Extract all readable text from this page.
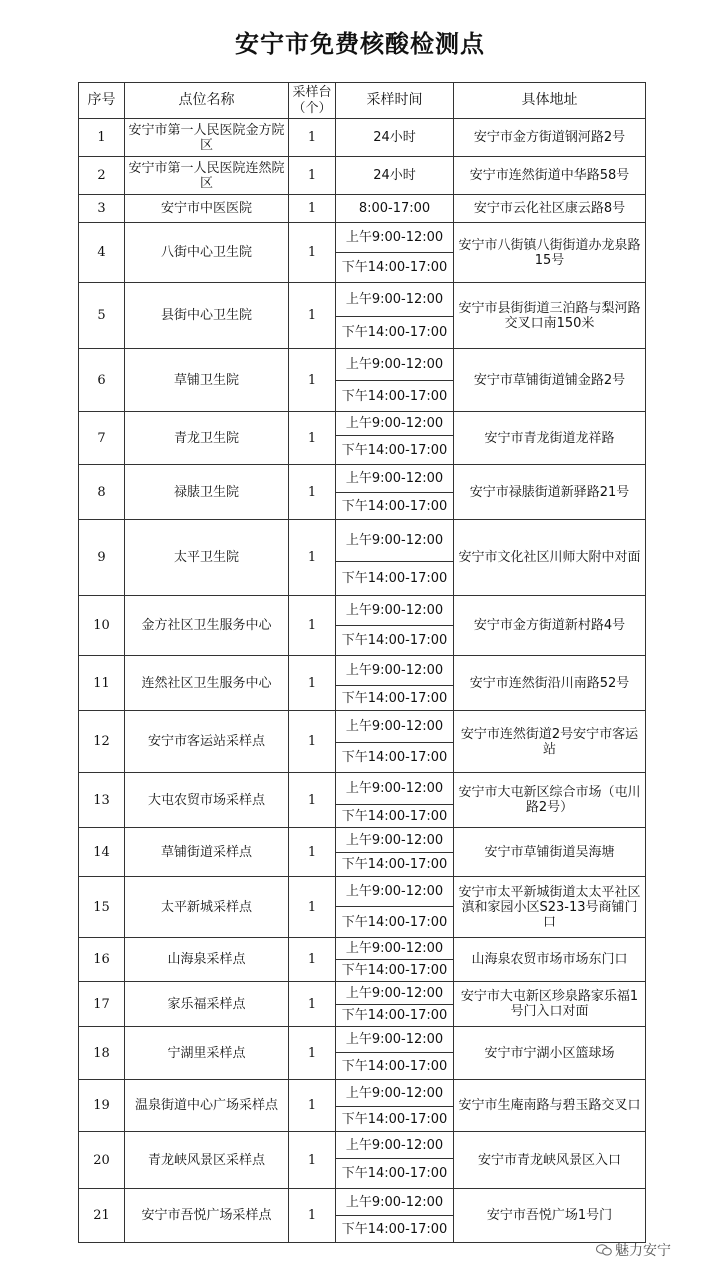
安宁市免费核酸检测点
序号	点位名称	采样台（个）	采样时间	具体地址
1	安宁市第一人民医院金方院区	1	24小时	安宁市金方街道钢河路2号
2	安宁市第一人民医院连然院区	1	24小时	安宁市连然街道中华路58号
3	安宁市中医医院	1	8:00-17:00	安宁市云化社区康云路8号
4	八街中心卫生院	1	上午9:00-12:00	安宁市八街镇八街街道办龙泉路15号
			下午14:00-17:00	
5	县街中心卫生院	1	上午9:00-12:00	安宁市县街街道三泊路与梨河路交叉口南150米
			下午14:00-17:00	
6	草铺卫生院	1	上午9:00-12:00	安宁市草铺街道铺金路2号
			下午14:00-17:00	
7	青龙卫生院	1	上午9:00-12:00	安宁市青龙街道龙祥路
			下午14:00-17:00	
8	禄脿卫生院	1	上午9:00-12:00	安宁市禄脿街道新驿路21号
			下午14:00-17:00	
9	太平卫生院	1	上午9:00-12:00	安宁市文化社区川师大附中对面
			下午14:00-17:00	
10	金方社区卫生服务中心	1	上午9:00-12:00	安宁市金方街道新村路4号
			下午14:00-17:00	
11	连然社区卫生服务中心	1	上午9:00-12:00	安宁市连然街沿川南路52号
			下午14:00-17:00	
12	安宁市客运站采样点	1	上午9:00-12:00	安宁市连然街道2号安宁市客运站
			下午14:00-17:00	
13	大屯农贸市场采样点	1	上午9:00-12:00	安宁市大屯新区综合市场（屯川路2号）
			下午14:00-17:00	
14	草铺街道采样点	1	上午9:00-12:00	安宁市草铺街道吴海塘
			下午14:00-17:00	
15	太平新城采样点	1	上午9:00-12:00	安宁市太平新城街道太太平社区滇和家园小区S23-13号商铺门口
			下午14:00-17:00	
16	山海泉采样点	1	上午9:00-12:00	山海泉农贸市场市场东门口
			下午14:00-17:00	
17	家乐福采样点	1	上午9:00-12:00	安宁市大屯新区珍泉路家乐福1号门入口对面
			下午14:00-17:00	
18	宁湖里采样点	1	上午9:00-12:00	安宁市宁湖小区篮球场
			下午14:00-17:00	
19	温泉街道中心广场采样点	1	上午9:00-12:00	安宁市生庵南路与碧玉路交叉口
			下午14:00-17:00	
20	青龙峡风景区采样点	1	上午9:00-12:00	安宁市青龙峡风景区入口
			下午14:00-17:00	
21	安宁市吾悦广场采样点	1	上午9:00-12:00	安宁市吾悦广场1号门
			下午14:00-17:00	
魅力安宁
